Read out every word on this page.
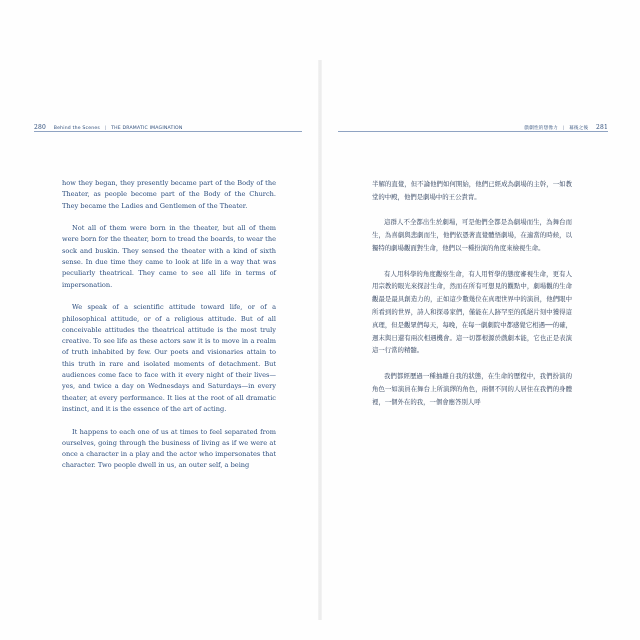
280 Behind the Scenes | THE DRAMATIC IMAGINATION	戲劇性的想像力 | 幕後之後 281

how they began, they presently became part of the Body of the Theater, as people become part of the Body of the Church. They became the Ladies and Gentlemen of the Theater.

Not all of them were born in the theater, but all of them were born for the theater, born to tread the boards, to wear the sock and buskin. They sensed the theater with a kind of sixth sense. In due time they came to look at life in a way that was peculiarly theatrical. They came to see all life in terms of impersonation.

We speak of a scientific attitude toward life, or of a philosophical attitude, or of a religious attitude. But of all conceivable attitudes the theatrical attitude is the most truly creative. To see life as these actors saw it is to move in a realm of truth inhabited by few. Our poets and visionaries attain to this truth in rare and isolated moments of detachment. But audiences come face to face with it every night of their lives—yes, and twice a day on Wednesdays and Saturdays—in every theater, at every performance. It lies at the root of all dramatic instinct, and it is the essence of the art of acting.

It happens to each one of us at times to feel separated from ourselves, going through the business of living as if we were at once a character in a play and the actor who impersonates that character. Two people dwell in us, an outer self, a being

半解的直覺，但不論他們如何開始，他們已經成為劇場的主幹，一如教堂的中殿，他們是劇場中的王公貴胄。

這群人不全都出生於劇場，可是他們全都是為劇場而生，為舞台而生，為喜劇與悲劇而生，他們依憑著直覺體悟劇場，在適當的時候，以獨特的劇場觀面對生命，他們以一種扮演的角度來檢視生命。

有人用科學的角度觀察生命，有人用哲學的態度審視生命，更有人用宗教的眼光來探討生命，然而在所有可想見的觀點中，劇場觀的生命觀最是最具創造力的，正如這少數幾位在真理世界中的演員，他們眼中所看到的世界，詩人和探尋家們，僅能在人跡罕至的孤絕片刻中獲得這真理，但是觀眾們每天，每晚，在每一劇劇院中都感覺它相遇──的確，週末與日還有兩次相遇機會。這一切都根源於戲劇本能，它也正是表演這一行當的精髓。

我們都經歷過一種抽離自我的狀態，在生命的歷程中，我們扮演的角色一如演員在舞台上所演繹的角色，兩個不同的人居住在我們的身體裡，一個外在的我，一個會應答別人呼
